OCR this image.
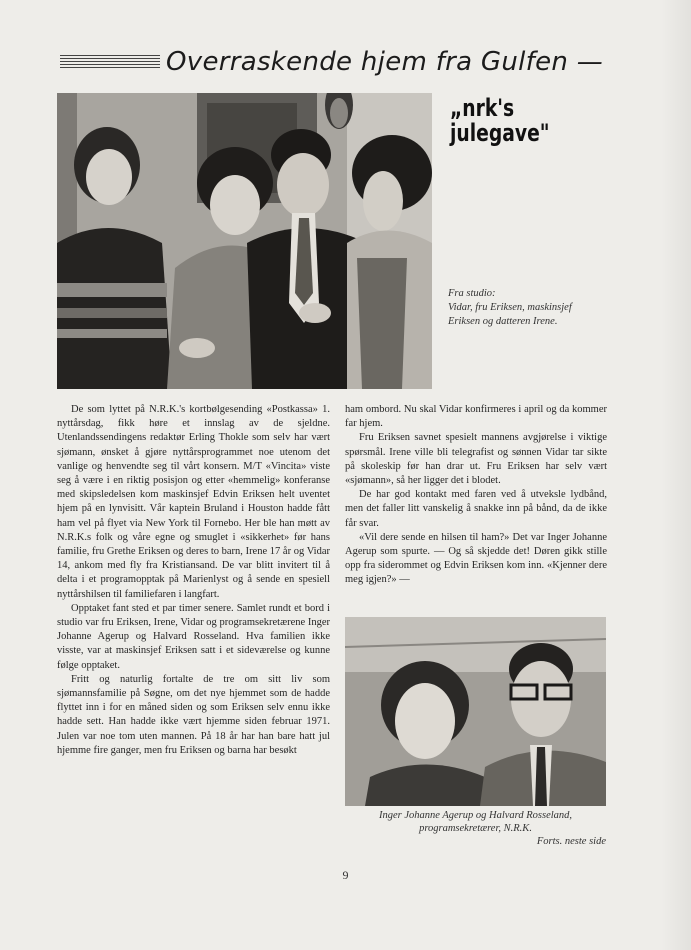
Overraskende hjem fra Gulfen —
„nrk's
julegave"
Fra studio:
Vidar, fru Eriksen, maskinsjef
Eriksen og datteren Irene.

De som lyttet på N.R.K.'s kortbølgesending «Postkassa» 1. nyttårsdag, fikk høre et innslag av de sjeldne. Utenlandssendingens redaktør Erling Thokle som selv har vært sjømann, ønsket å gjøre nyttårsprogrammet noe utenom det vanlige og henvendte seg til vårt konsern. M/T «Vincita» viste seg å være i en riktig posisjon og etter «hemmelig» konferanse med skipsledelsen kom maskinsjef Edvin Eriksen helt uventet hjem på en lynvisitt. Vår kaptein Bruland i Houston hadde fått ham vel på flyet via New York til Fornebo. Her ble han møtt av N.R.K.s folk og våre egne og smuglet i «sikkerhet» før hans familie, fru Grethe Eriksen og deres to barn, Irene 17 år og Vidar 14, ankom med fly fra Kristiansand. De var blitt invitert til å delta i et programopptak på Marienlyst og å sende en spesiell nyttårshilsen til familiefaren i langfart.

Opptaket fant sted et par timer senere. Samlet rundt et bord i studio var fru Eriksen, Irene, Vidar og programsekretærene Inger Johanne Agerup og Halvard Rosseland. Hva familien ikke visste, var at maskinsjef Eriksen satt i et sideværelse og kunne følge opptaket.

Fritt og naturlig fortalte de tre om sitt liv som sjømannsfamilie på Søgne, om det nye hjemmet som de hadde flyttet inn i for en måned siden og som Eriksen selv ennu ikke hadde sett. Han hadde ikke vært hjemme siden februar 1971. Julen var noe tom uten mannen. På 18 år har han bare hatt jul hjemme fire ganger, men fru Eriksen og barna har besøkt

ham ombord. Nu skal Vidar konfirmeres i april og da kommer far hjem.

Fru Eriksen savnet spesielt mannens avgjørelse i viktige spørsmål. Irene ville bli telegrafist og sønnen Vidar tar sikte på skoleskip før han drar ut. Fru Eriksen har selv vært «sjømann», så her ligger det i blodet.

De har god kontakt med faren ved å utveksle lydbånd, men det faller litt vanskelig å snakke inn på bånd, da de ikke får svar.

«Vil dere sende en hilsen til ham?» Det var Inger Johanne Agerup som spurte. — Og så skjedde det! Døren gikk stille opp fra siderommet og Edvin Eriksen kom inn. «Kjenner dere meg igjen?» —

Inger Johanne Agerup og Halvard Rosseland,
programsekretærer, N.R.K.
Forts. neste side
9
